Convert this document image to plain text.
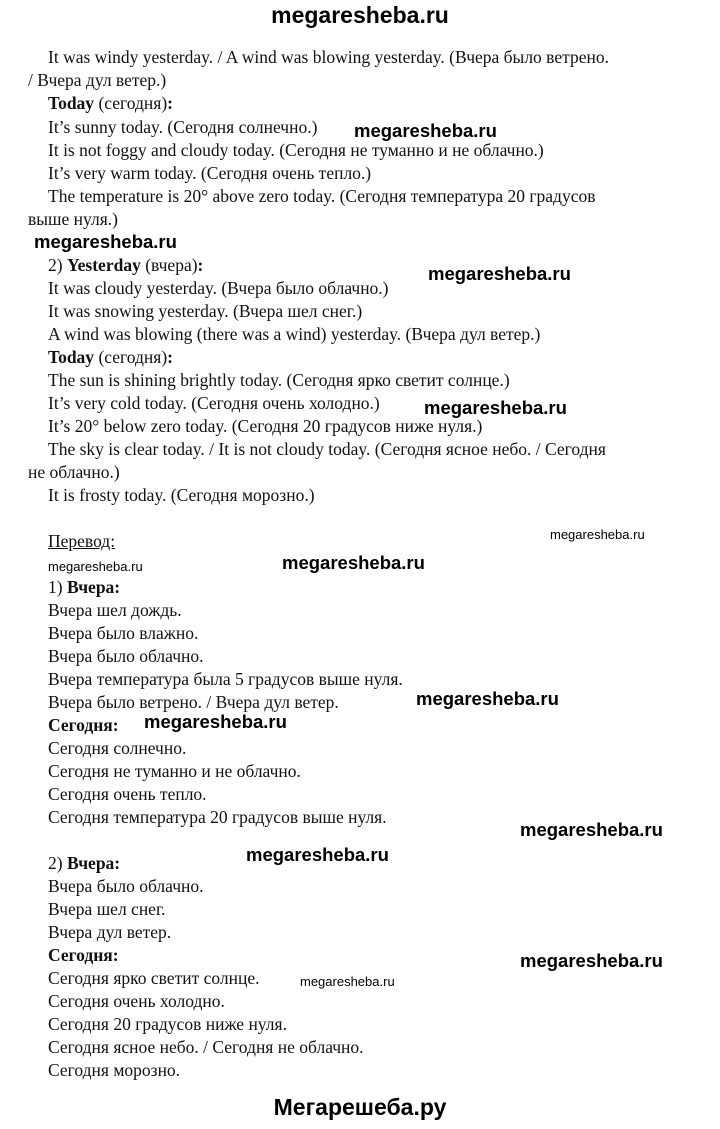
megaresheba.ru
It was windy yesterday. / A wind was blowing yesterday. (Вчера было ветрено.
/ Вчера дул ветер.)
Today (сегодня):
It’s sunny today. (Сегодня солнечно.)
It is not foggy and cloudy today. (Сегодня не туманно и не облачно.)
It’s very warm today. (Сегодня очень тепло.)
The temperature is 20° above zero today. (Сегодня температура 20 градусов
выше нуля.)
2) Yesterday (вчера):
It was cloudy yesterday. (Вчера было облачно.)
It was snowing yesterday. (Вчера шел снег.)
A wind was blowing (there was a wind) yesterday. (Вчера дул ветер.)
Today (сегодня):
The sun is shining brightly today. (Сегодня ярко светит солнце.)
It’s very cold today. (Сегодня очень холодно.)
It’s 20° below zero today. (Сегодня 20 градусов ниже нуля.)
The sky is clear today. / It is not cloudy today. (Сегодня ясное небо. / Сегодня
не облачно.)
It is frosty today. (Сегодня морозно.)
Перевод:
1) Вчера:
Вчера шел дождь.
Вчера было влажно.
Вчера было облачно.
Вчера температура была 5 градусов выше нуля.
Вчера было ветрено. / Вчера дул ветер.
Сегодня:
Сегодня солнечно.
Сегодня не туманно и не облачно.
Сегодня очень тепло.
Сегодня температура 20 градусов выше нуля.
2) Вчера:
Вчера было облачно.
Вчера шел снег.
Вчера дул ветер.
Сегодня:
Сегодня ярко светит солнце.
Сегодня очень холодно.
Сегодня 20 градусов ниже нуля.
Сегодня ясное небо. / Сегодня не облачно.
Сегодня морозно.
megaresheba.ru
megaresheba.ru
megaresheba.ru
megaresheba.ru
megaresheba.ru
megaresheba.ru
megaresheba.ru
megaresheba.ru
megaresheba.ru
megaresheba.ru
megaresheba.ru
megaresheba.ru
megaresheba.ru
Мегарешеба.ру
